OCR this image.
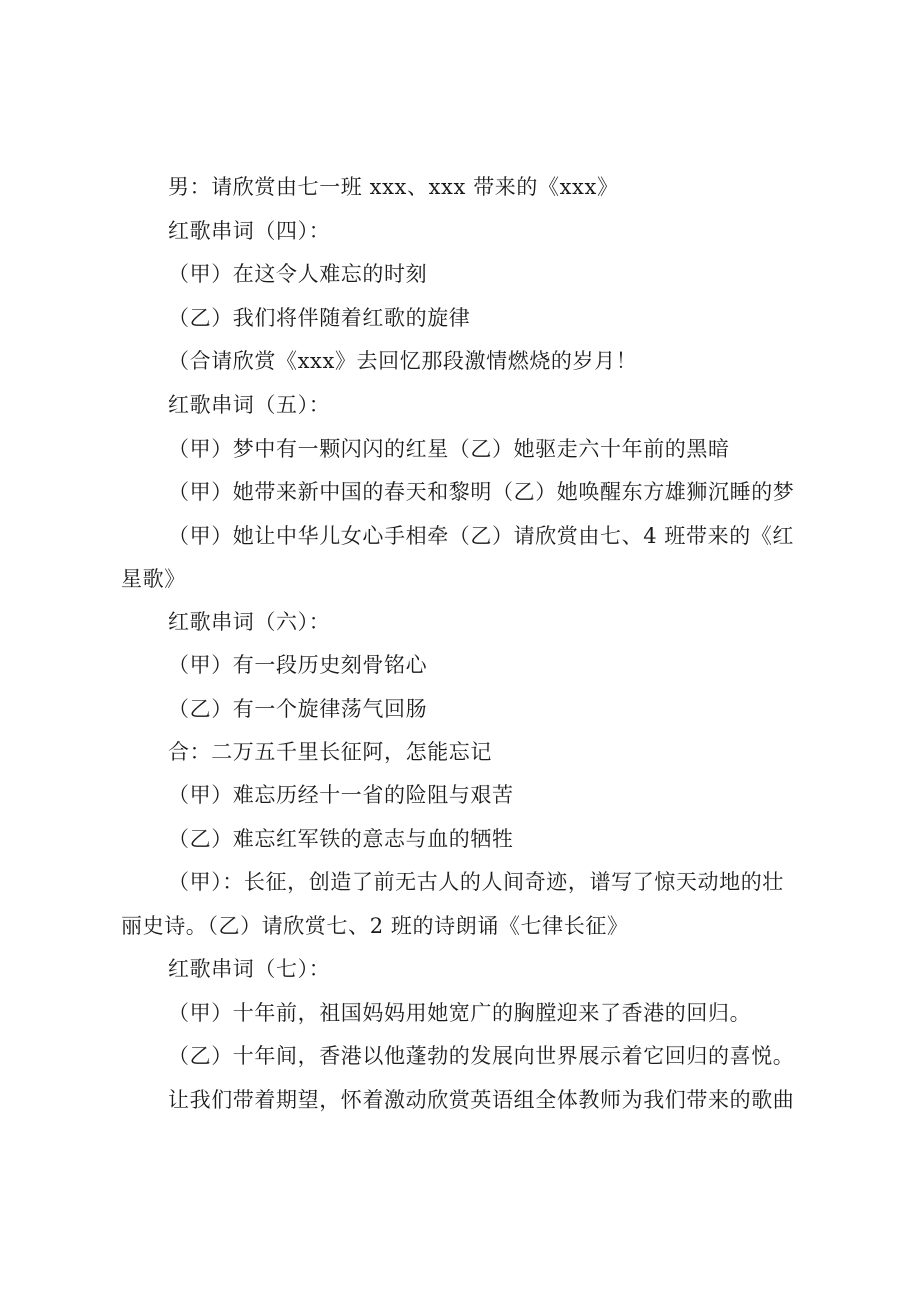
男：请欣赏由七一班 xxx、xxx 带来的《xxx》
红歌串词（四）：
（甲）在这令人难忘的时刻
（乙）我们将伴随着红歌的旋律
（合请欣赏《xxx》去回忆那段激情燃烧的岁月！
红歌串词（五）：
（甲）梦中有一颗闪闪的红星（乙）她驱走六十年前的黑暗
（甲）她带来新中国的春天和黎明（乙）她唤醒东方雄狮沉睡的梦
（甲）她让中华儿女心手相牵（乙）请欣赏由七、4 班带来的《红
星歌》
红歌串词（六）：
（甲）有一段历史刻骨铭心
（乙）有一个旋律荡气回肠
合：二万五千里长征阿，怎能忘记
（甲）难忘历经十一省的险阻与艰苦
（乙）难忘红军铁的意志与血的牺牲
（甲）：长征，创造了前无古人的人间奇迹，谱写了惊天动地的壮
丽史诗。（乙）请欣赏七、2 班的诗朗诵《七律长征》
红歌串词（七）：
（甲）十年前，祖国妈妈用她宽广的胸膛迎来了香港的回归。
（乙）十年间，香港以他蓬勃的发展向世界展示着它回归的喜悦。
让我们带着期望，怀着激动欣赏英语组全体教师为我们带来的歌曲
